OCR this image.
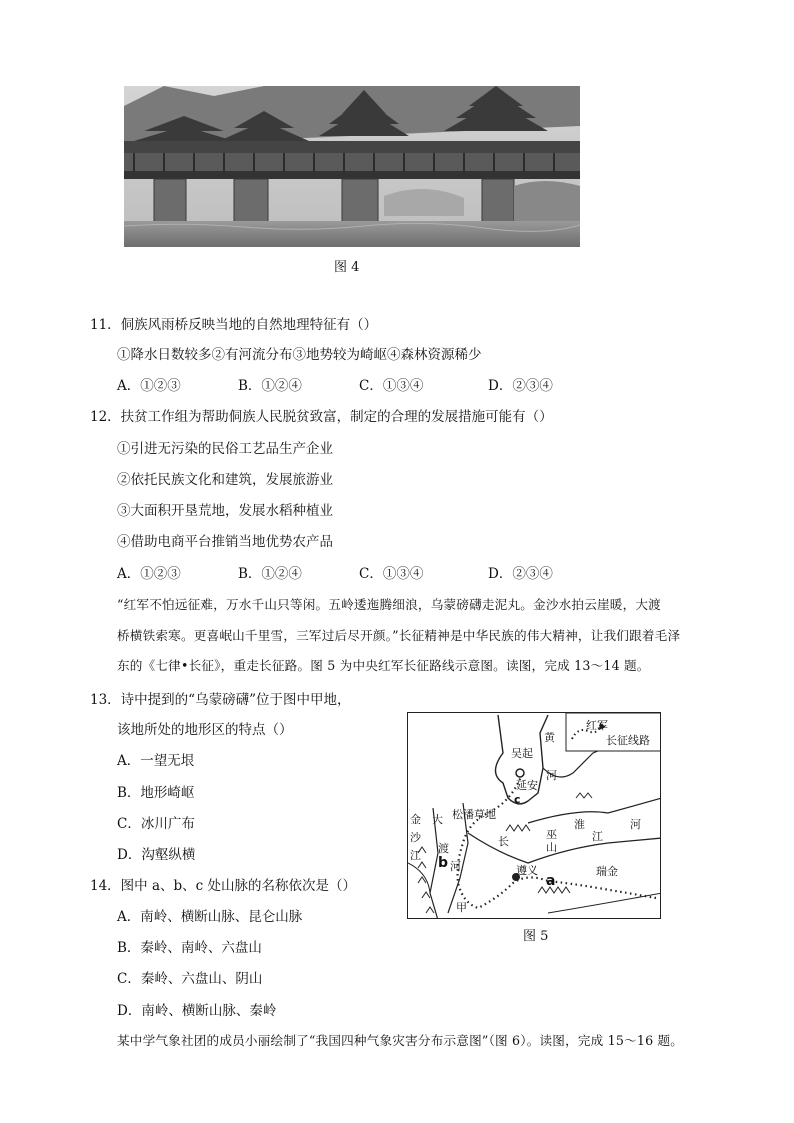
图 4
11．侗族风雨桥反映当地的自然地理特征有（）
①降水日数较多②有河流分布③地势较为崎岖④森林资源稀少
A．①②③	B．①②④	C．①③④	D．②③④
12．扶贫工作组为帮助侗族人民脱贫致富，制定的合理的发展措施可能有（）
①引进无污染的民俗工艺品生产企业
②依托民族文化和建筑，发展旅游业
③大面积开垦荒地，发展水稻种植业
④借助电商平台推销当地优势农产品
A．①②③	B．①②④	C．①③④	D．②③④
“红军不怕远征难，万水千山只等闲。五岭逶迤腾细浪，乌蒙磅礴走泥丸。金沙水拍云崖暖，大渡
桥横铁索寒。更喜岷山千里雪，三军过后尽开颜。”长征精神是中华民族的伟大精神，让我们跟着毛泽
东的《七律•长征》，重走长征路。图 5 为中央红军长征路线示意图。读图，完成 13～14 题。
13．诗中提到的“乌蒙磅礴”位于图中甲地，
该地所处的地形区的特点（）
A．一望无垠
B．地形崎岖
C．冰川广布
D．沟壑纵横
14．图中 a、b、c 处山脉的名称依次是（）
A．南岭、横断山脉、昆仑山脉
B．秦岭、南岭、六盘山
C．秦岭、六盘山、阴山
D．南岭、横断山脉、秦岭
红军
长征线路
吴起
黄
河
延安
c
淮	河
松潘草地
大
渡
河
长
巫
山
江
金
沙
江 b	遵义
a
瑞金
甲
图 5
某中学气象社团的成员小丽绘制了“我国四种气象灾害分布示意图”（图 6）。读图，完成 15～16 题。
